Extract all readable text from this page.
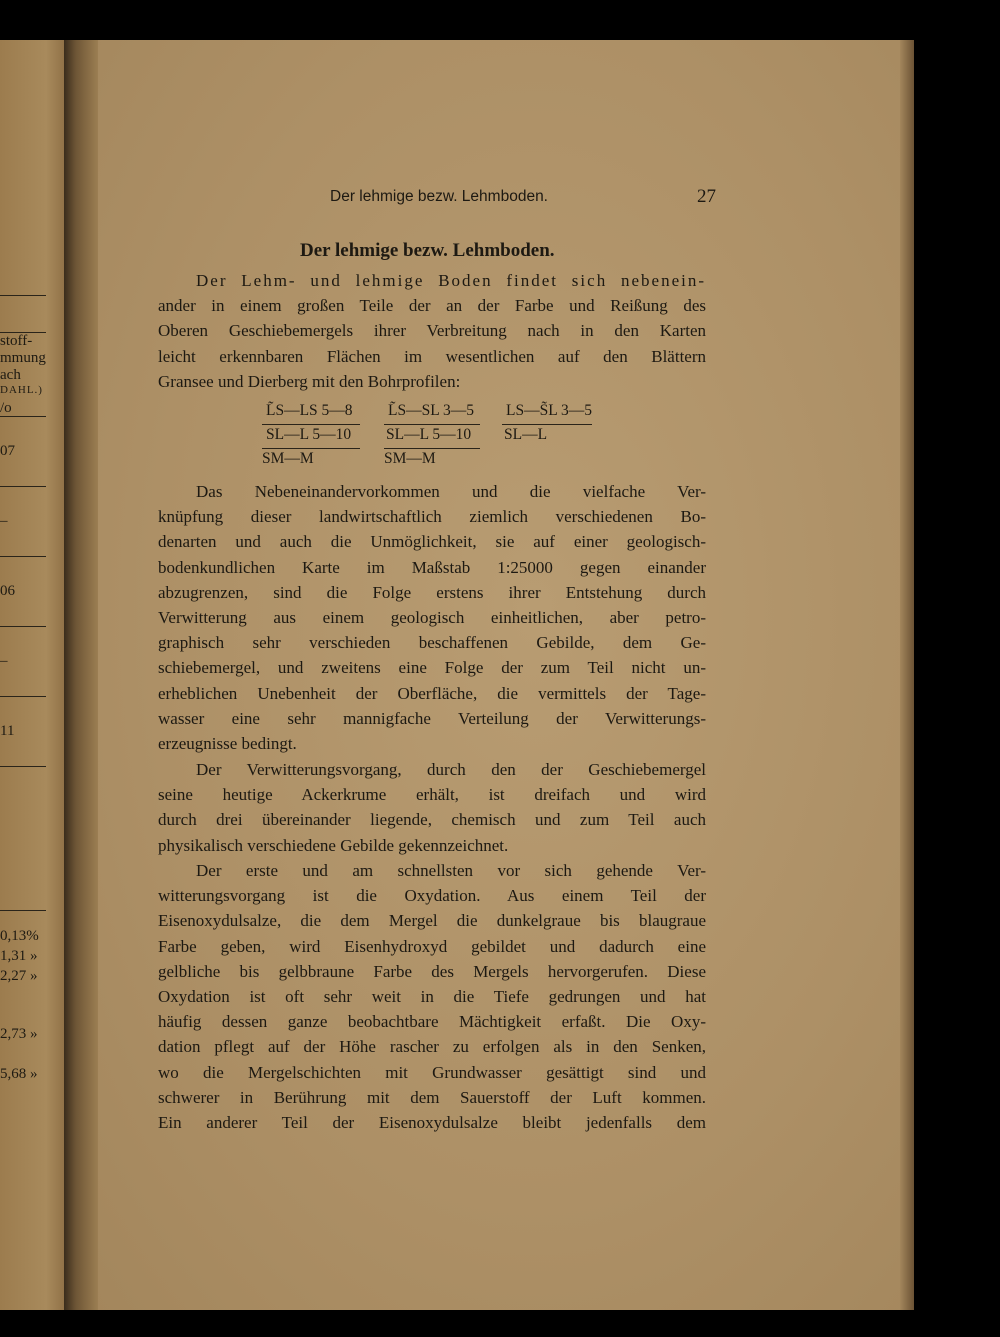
stoff-
mmung
ach
DAHL.)
/o
07
–
06
–
11
0,13%
1,31 »
2,27 »
2,73 »
5,68 »
Der lehmige bezw. Lehmboden.	27
Der lehmige bezw. Lehmboden.
Der Lehm- und lehmige Boden findet sich nebenein-
ander in einem großen Teile der an der Farbe und Reißung des
Oberen Geschiebemergels ihrer Verbreitung nach in den Karten
leicht erkennbaren Flächen im wesentlichen auf den Blättern
Gransee und Dierberg mit den Bohrprofilen:
L̃S—LS 5—8
SL—L 5—10
SM—M
L̃S—SL 3—5
SL—L 5—10
SM—M
LS—S̃L 3—5
SL—L
Das Nebeneinandervorkommen und die vielfache Ver-
knüpfung dieser landwirtschaftlich ziemlich verschiedenen Bo-
denarten und auch die Unmöglichkeit, sie auf einer geologisch-
bodenkundlichen Karte im Maßstab 1:25000 gegen einander
abzugrenzen, sind die Folge erstens ihrer Entstehung durch
Verwitterung aus einem geologisch einheitlichen, aber petro-
graphisch sehr verschieden beschaffenen Gebilde, dem Ge-
schiebemergel, und zweitens eine Folge der zum Teil nicht un-
erheblichen Unebenheit der Oberfläche, die vermittels der Tage-
wasser eine sehr mannigfache Verteilung der Verwitterungs-
erzeugnisse bedingt.
Der Verwitterungsvorgang, durch den der Geschiebemergel
seine heutige Ackerkrume erhält, ist dreifach und wird
durch drei übereinander liegende, chemisch und zum Teil auch
physikalisch verschiedene Gebilde gekennzeichnet.
Der erste und am schnellsten vor sich gehende Ver-
witterungsvorgang ist die Oxydation. Aus einem Teil der
Eisenoxydulsalze, die dem Mergel die dunkelgraue bis blaugraue
Farbe geben, wird Eisenhydroxyd gebildet und dadurch eine
gelbliche bis gelbbraune Farbe des Mergels hervorgerufen. Diese
Oxydation ist oft sehr weit in die Tiefe gedrungen und hat
häufig dessen ganze beobachtbare Mächtigkeit erfaßt. Die Oxy-
dation pflegt auf der Höhe rascher zu erfolgen als in den Senken,
wo die Mergelschichten mit Grundwasser gesättigt sind und
schwerer in Berührung mit dem Sauerstoff der Luft kommen.
Ein anderer Teil der Eisenoxydulsalze bleibt jedenfalls dem
